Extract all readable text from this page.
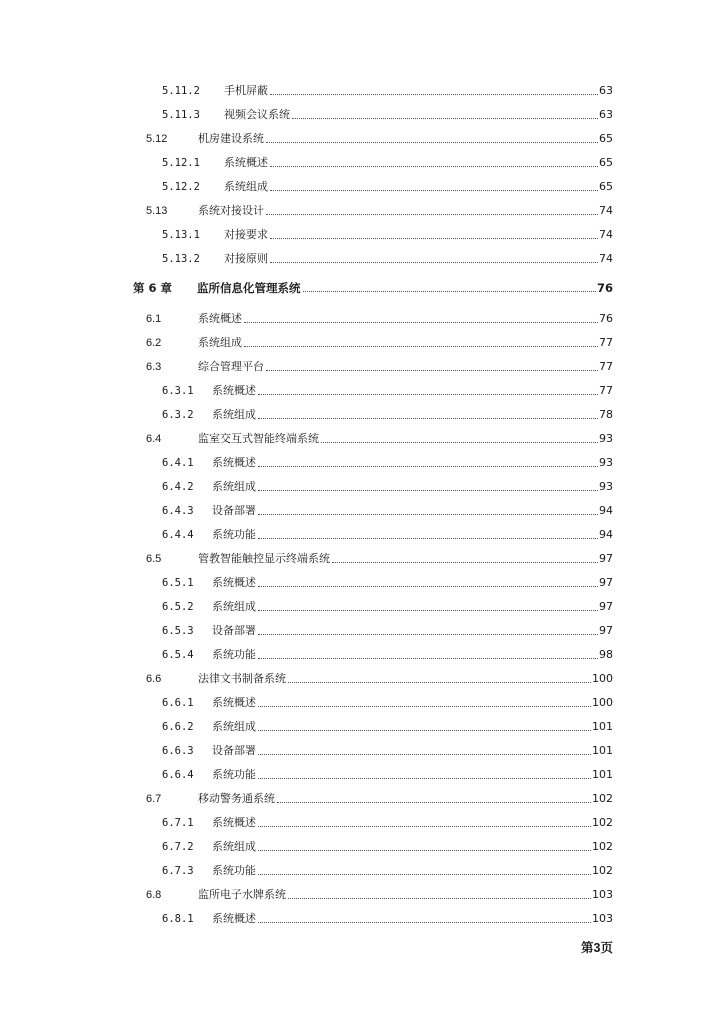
5.11.2	手机屏蔽	63
5.11.3	视频会议系统	63
5.12	机房建设系统	65
5.12.1	系统概述	65
5.12.2	系统组成	65
5.13	系统对接设计	74
5.13.1	对接要求	74
5.13.2	对接原则	74
第 6 章	监所信息化管理系统	76
6.1	系统概述	76
6.2	系统组成	77
6.3	综合管理平台	77
6.3.1	系统概述	77
6.3.2	系统组成	78
6.4	监室交互式智能终端系统	93
6.4.1	系统概述	93
6.4.2	系统组成	93
6.4.3	设备部署	94
6.4.4	系统功能	94
6.5	管教智能触控显示终端系统	97
6.5.1	系统概述	97
6.5.2	系统组成	97
6.5.3	设备部署	97
6.5.4	系统功能	98
6.6	法律文书制备系统	100
6.6.1	系统概述	100
6.6.2	系统组成	101
6.6.3	设备部署	101
6.6.4	系统功能	101
6.7	移动警务通系统	102
6.7.1	系统概述	102
6.7.2	系统组成	102
6.7.3	系统功能	102
6.8	监所电子水牌系统	103
6.8.1	系统概述	103
第3页
